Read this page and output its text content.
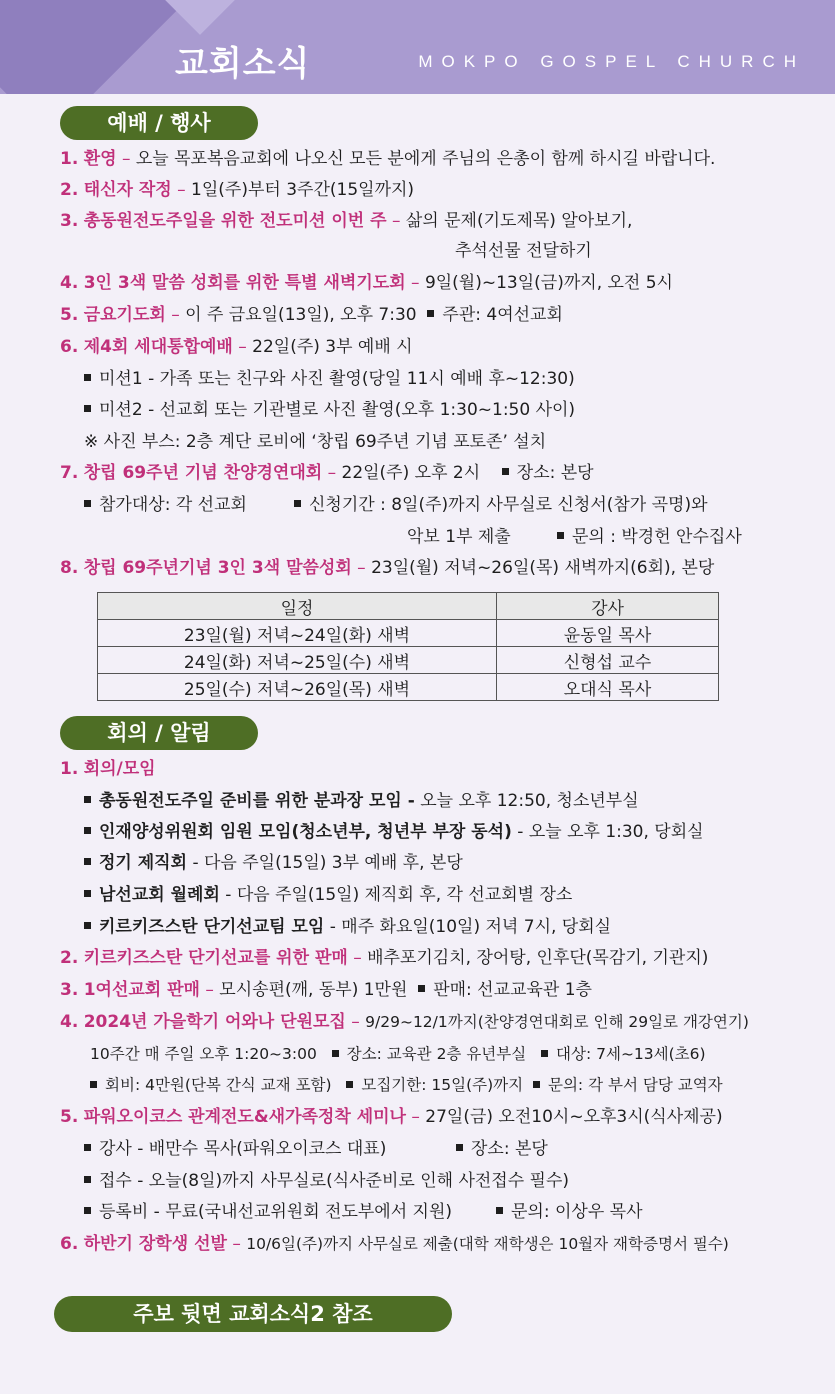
교회소식	MOKPO GOSPEL CHURCH
예배 / 행사
1. 환영 – 오늘 목포복음교회에 나오신 모든 분에게 주님의 은총이 함께 하시길 바랍니다.
2. 태신자 작정 – 1일(주)부터 3주간(15일까지)
3. 총동원전도주일을 위한 전도미션 이번 주 – 삶의 문제(기도제목) 알아보기,
추석선물 전달하기
4. 3인 3색 말씀 성회를 위한 특별 새벽기도회 – 9일(월)~13일(금)까지, 오전 5시
5. 금요기도회 – 이 주 금요일(13일), 오후 7:30 주관: 4여선교회
6. 제4회 세대통합예배 – 22일(주) 3부 예배 시
미션1 - 가족 또는 친구와 사진 촬영(당일 11시 예배 후~12:30)
미션2 - 선교회 또는 기관별로 사진 촬영(오후 1:30~1:50 사이)
※ 사진 부스: 2층 계단 로비에 ‘창립 69주년 기념 포토존’ 설치
7. 창립 69주년 기념 찬양경연대회 – 22일(주) 오후 2시 장소: 본당
참가대상: 각 선교회	신청기간 : 8일(주)까지 사무실로 신청서(참가 곡명)와
악보 1부 제출	문의 : 박경헌 안수집사
8. 창립 69주년기념 3인 3색 말씀성회 – 23일(월) 저녁~26일(목) 새벽까지(6회), 본당
일정	강사
23일(월) 저녁~24일(화) 새벽	윤동일 목사
24일(화) 저녁~25일(수) 새벽	신형섭 교수
25일(수) 저녁~26일(목) 새벽	오대식 목사
회의 / 알림
1. 회의/모임
총동원전도주일 준비를 위한 분과장 모임 - 오늘 오후 12:50, 청소년부실
인재양성위원회 임원 모임(청소년부, 청년부 부장 동석) - 오늘 오후 1:30, 당회실
정기 제직회 - 다음 주일(15일) 3부 예배 후, 본당
남선교회 월례회 - 다음 주일(15일) 제직회 후, 각 선교회별 장소
키르키즈스탄 단기선교팀 모임 - 매주 화요일(10일) 저녁 7시, 당회실
2. 키르키즈스탄 단기선교를 위한 판매 – 배추포기김치, 장어탕, 인후단(목감기, 기관지)
3. 1여선교회 판매 – 모시송편(깨, 동부) 1만원 판매: 선교교육관 1층
4. 2024년 가을학기 어와나 단원모집 – 9/29~12/1까지(찬양경연대회로 인해 29일로 개강연기)
10주간 매 주일 오후 1:20~3:00 장소: 교육관 2층 유년부실 대상: 7세~13세(초6)
회비: 4만원(단복 간식 교재 포함) 모집기한: 15일(주)까지 문의: 각 부서 담당 교역자
5. 파워오이코스 관계전도&새가족정착 세미나 – 27일(금) 오전10시~오후3시(식사제공)
강사 - 배만수 목사(파워오이코스 대표)	장소: 본당
접수 - 오늘(8일)까지 사무실로(식사준비로 인해 사전접수 필수)
등록비 - 무료(국내선교위원회 전도부에서 지원)	문의: 이상우 목사
6. 하반기 장학생 선발 – 10/6일(주)까지 사무실로 제출(대학 재학생은 10월자 재학증명서 필수)
주보 뒷면 교회소식2 참조
